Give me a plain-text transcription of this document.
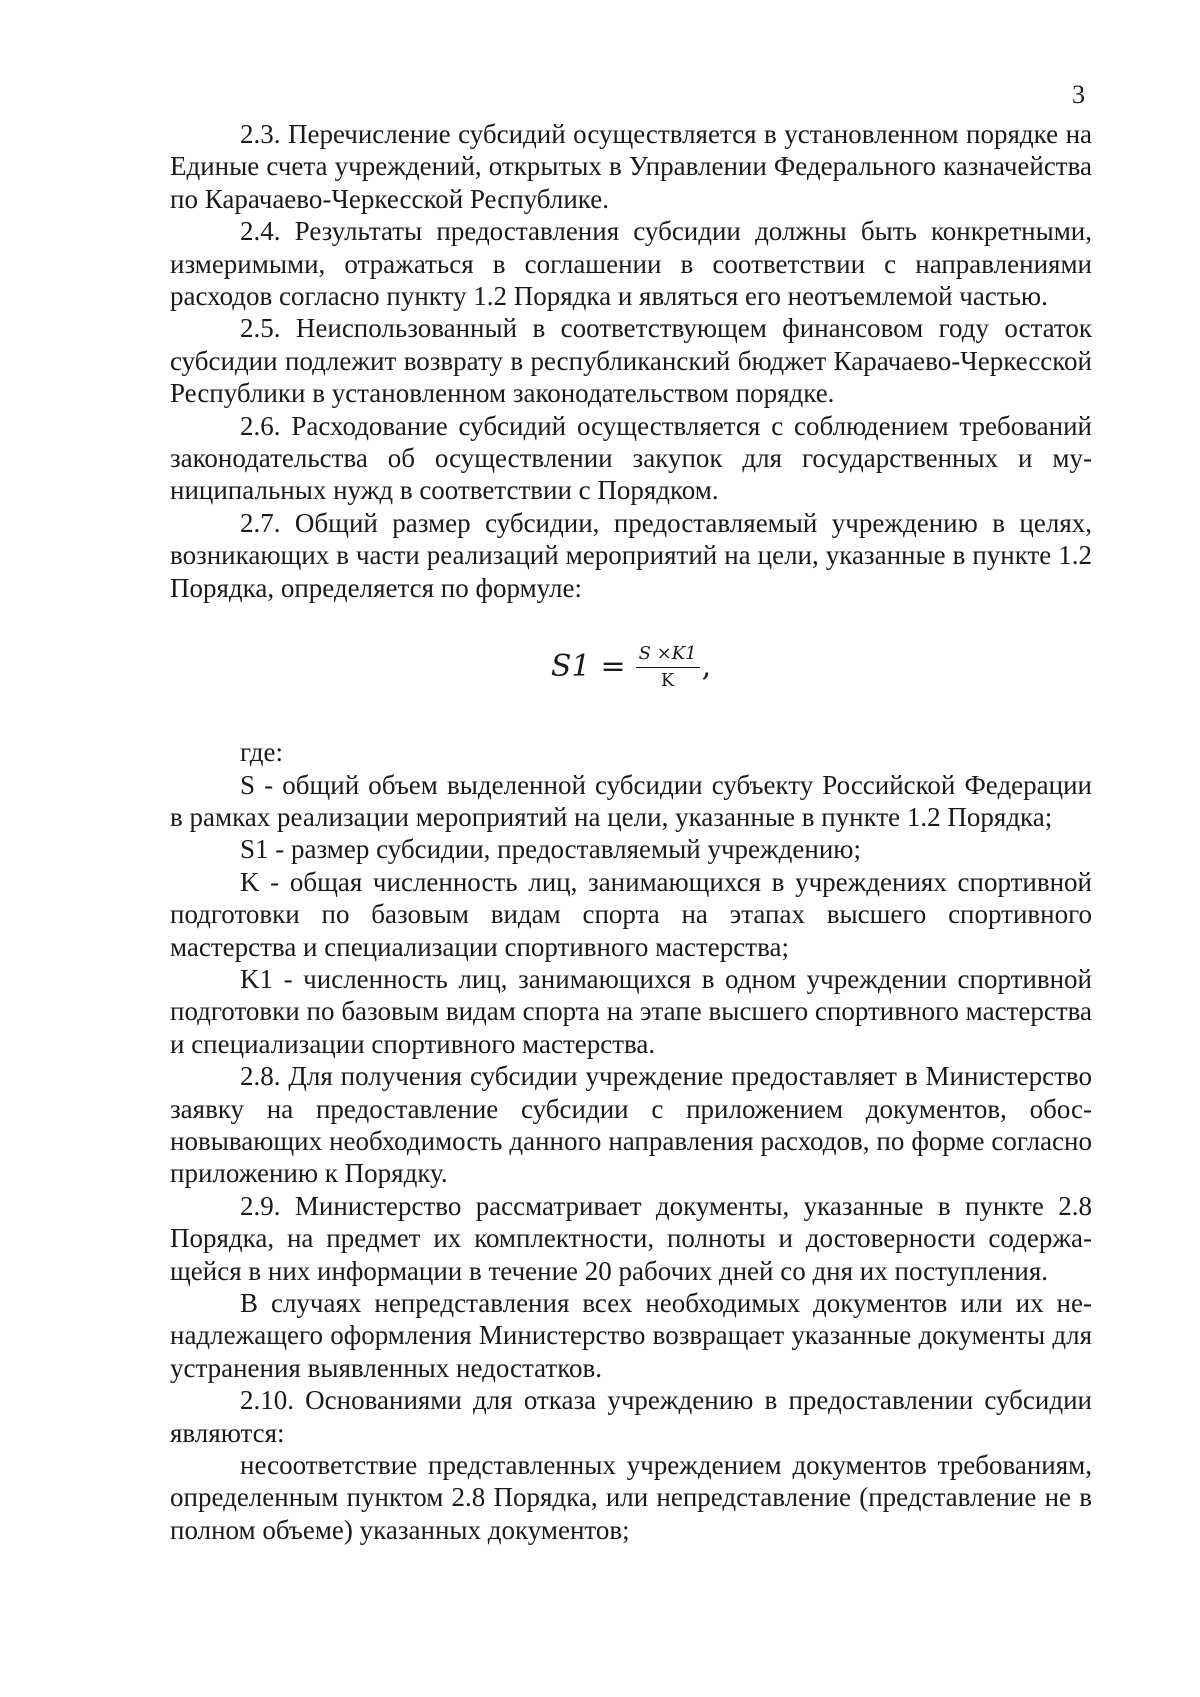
3

2.3. Перечисление субсидий осуществляется в установленном порядке на Единые счета учреждений, открытых в Управлении Федерального казначейства по Карачаево-Черкесской Республике.

2.4. Результаты предоставления субсидии должны быть конкретными, измеримыми, отражаться в соглашении в соответствии с направлениями расходов согласно пункту 1.2 Порядка и являться его неотъемлемой частью.

2.5. Неиспользованный в соответствующем финансовом году остаток субсидии подлежит возврату в республиканский бюджет Карачаево-Черкесской Республики в установленном законодательством порядке.

2.6. Расходование субсидий осуществляется с соблюдением требований законодательства об осуществлении закупок для государственных и муниципальных нужд в соответствии с Порядком.

2.7. Общий размер субсидии, предоставляемый учреждению в целях, возникающих в части реализаций мероприятий на цели, указанные в пункте 1.2 Порядка, определяется по формуле:

$S1 = \frac{S \times K1}{K}$ ,

где:

S - общий объем выделенной субсидии субъекту Российской Федерации в рамках реализации мероприятий на цели, указанные в пункте 1.2 Порядка;

S1 - размер субсидии, предоставляемый учреждению;

K - общая численность лиц, занимающихся в учреждениях спортивной подготовки по базовым видам спорта на этапах высшего спортивного мастерства и специализации спортивного мастерства;

K1 - численность лиц, занимающихся в одном учреждении спортивной подготовки по базовым видам спорта на этапе высшего спортивного мастерства и специализации спортивного мастерства.

2.8. Для получения субсидии учреждение предоставляет в Министерство заявку на предоставление субсидии с приложением документов, обосновывающих необходимость данного направления расходов, по форме согласно приложению к Порядку.

2.9. Министерство рассматривает документы, указанные в пункте 2.8 Порядка, на предмет их комплектности, полноты и достоверности содержащейся в них информации в течение 20 рабочих дней со дня их поступления.

В случаях непредставления всех необходимых документов или их ненадлежащего оформления Министерство возвращает указанные документы для устранения выявленных недостатков.

2.10. Основаниями для отказа учреждению в предоставлении субсидии являются:

несоответствие представленных учреждением документов требованиям, определенным пунктом 2.8 Порядка, или непредставление (представление не в полном объеме) указанных документов;
